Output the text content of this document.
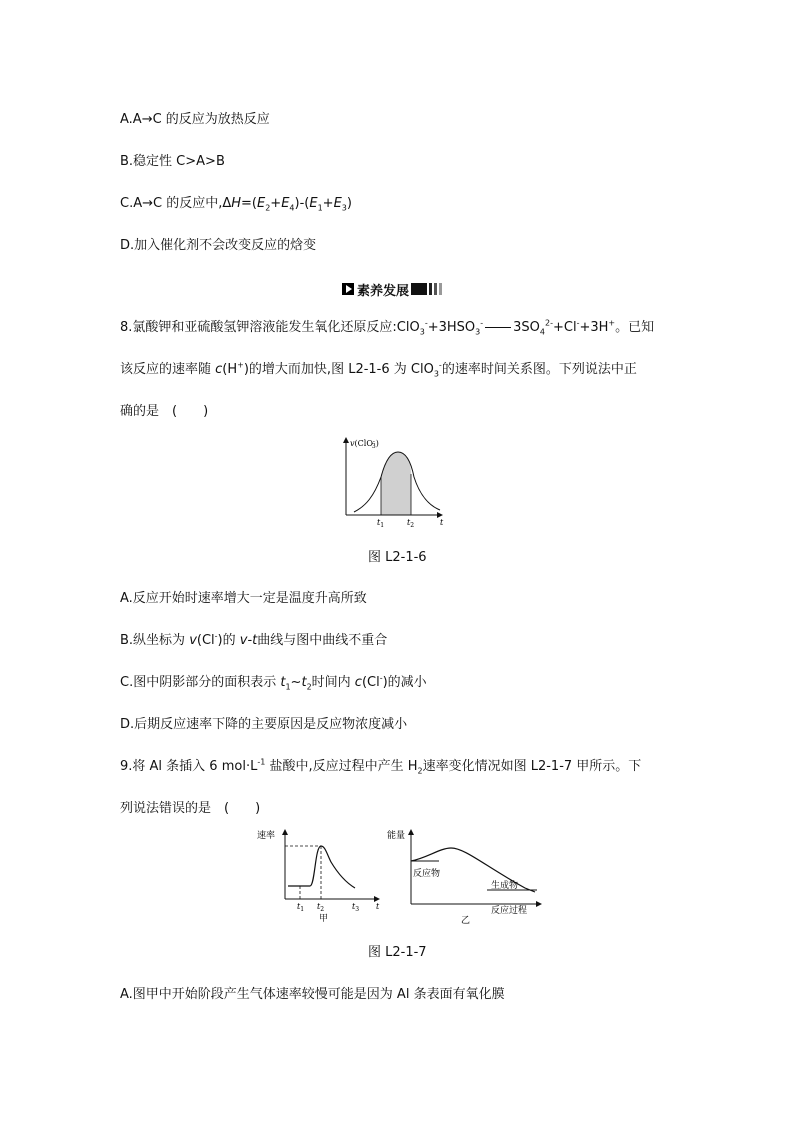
A.A→C 的反应为放热反应
B.稳定性 C>A>B
C.A→C 的反应中$,\Delta H=(E_2+E_4)-(E_1+E_3)$
D.加入催化剂不会改变反应的焓变
素养发展
8.氯酸钾和亚硫酸氢钾溶液能发生氧化还原反应$:ClO_3^-+3HSO_3^-$ $3SO_4^{2-}+Cl^-+3H^+$。已知
该反应的速率随 c(H+)的增大而加快,图 L2-1-6 为 ClO$_3$-的速率时间关系图。下列说法中正
确的是　(　　)
v(ClO-3)
$t_1$	$t_2$	t
图 L2-1-6
A.反应开始时速率增大一定是温度升高所致
B.纵坐标为 v(Cl-)的 v-t曲线与图中曲线不重合
C.图中阴影部分的面积表示 $t_1\sim t_2$时间内 c(Cl-)的减小
D.后期反应速率下降的主要原因是反应物浓度减小
9.将 Al 条插入 6 $mol\cdot L^{-1}$ 盐酸中,反应过程中产生 $H_2$速率变化情况如图 L2-1-7 甲所示。下
列说法错误的是　(　　)
速率
$t_1$ $t_2$	$t_3$ t
甲
能量
反应物
生成物
反应过程
乙
图 L2-1-7
A.图甲中开始阶段产生气体速率较慢可能是因为 Al 条表面有氧化膜
